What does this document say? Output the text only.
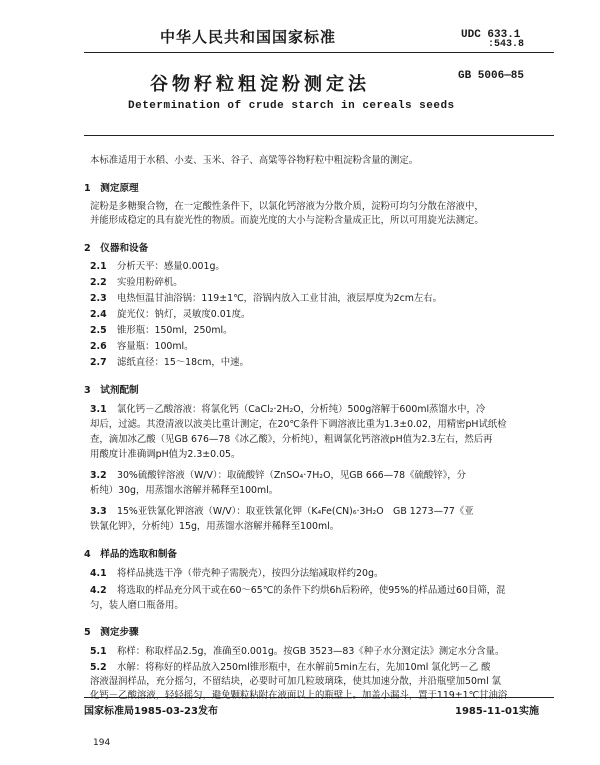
中华人民共和国国家标准	UDC 633.1
:543.8
谷物籽粒粗淀粉测定法	GB 5006—85
Determination of crude starch in cereals seeds
本标准适用于水稻、小麦、玉米、谷子、高粱等谷物籽粒中粗淀粉含量的测定。
1　测定原理
淀粉是多糖聚合物，在一定酸性条件下，以氯化钙溶液为分散介质，淀粉可均匀分散在溶液中，
并能形成稳定的具有旋光性的物质。而旋光度的大小与淀粉含量成正比，所以可用旋光法测定。
2　仪器和设备
2.1 分析天平：感量0.001g。
2.2 实验用粉碎机。
2.3 电热恒温甘油浴锅：119±1℃，浴锅内放入工业甘油，液层厚度为2cm左右。
2.4 旋光仪：钠灯，灵敏度0.01度。
2.5 锥形瓶：150ml，250ml。
2.6 容量瓶：100ml。
2.7 滤纸直径：15～18cm，中速。
3　试剂配制
3.1 氯化钙－乙酸溶液：将氯化钙（CaCl₂·2H₂O，分析纯）500g溶解于600ml蒸馏水中，冷
却后，过滤。其澄清液以波美比重计测定，在20℃条件下调溶液比重为1.3±0.02，用精密pH试纸检
查，滴加冰乙酸（见GB 676—78《冰乙酸》，分析纯），粗调氯化钙溶液pH值为2.3左右，然后再
用酸度计准确调pH值为2.3±0.05。
3.2 30%硫酸锌溶液（W/V）：取硫酸锌（ZnSO₄·7H₂O，见GB 666—78《硫酸锌》，分
析纯）30g，用蒸馏水溶解并稀释至100ml。
3.3 15%亚铁氰化钾溶液（W/V）：取亚铁氰化钾（K₄Fe(CN)₆·3H₂O　GB 1273—77《亚
铁氰化钾》，分析纯）15g，用蒸馏水溶解并稀释至100ml。
4　样品的选取和制备
4.1 将样品挑选干净（带壳种子需脱壳），按四分法缩减取样约20g。
4.2 将选取的样品充分风干或在60～65℃的条件下约烘6h后粉碎，使95%的样品通过60目筛，混
匀，装人磨口瓶备用。
5　测定步骤
5.1 称样：称取样品2.5g，准确至0.001g。按GB 3523—83《种子水分测定法》测定水分含量。
5.2 水解：将称好的样品放入250ml锥形瓶中，在水解前5min左右，先加10ml 氯化钙－乙 酸
溶液湿润样品，充分摇匀，不留结块，必要时可加几粒玻璃珠，使其加速分散，并沿瓶壁加50ml 氯
化钙－乙酸溶液，轻轻摇匀，避免颗粒粘附在液面以上的瓶壁上。加盖小漏斗，置于119±1℃甘油浴
国家标准局1985-03-23发布	1985-11-01实施
194
